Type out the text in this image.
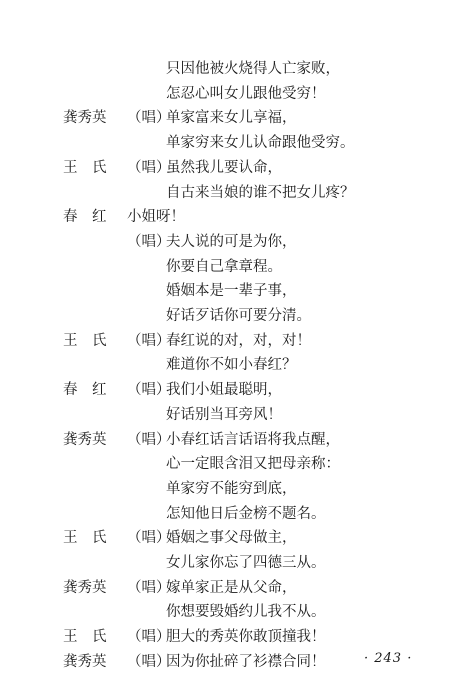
只因他被火烧得人亡家败，
怎忍心叫女儿跟他受穷！
龚秀英 （唱）
单家富来女儿享福，
单家穷来女儿认命跟他受穷。
王　氏 （唱）
虽然我儿要认命，
自古来当娘的谁不把女儿疼？
春　红 小姐呀！
（唱）
夫人说的可是为你，
你要自己拿章程。
婚姻本是一辈子事，
好话歹话你可要分清。
王　氏 （唱）
春红说的对，对，对！
难道你不如小春红？
春　红 （唱）
我们小姐最聪明，
好话别当耳旁风！
龚秀英 （唱）
小春红话言话语将我点醒，
心一定眼含泪又把母亲称：
单家穷不能穷到底，
怎知他日后金榜不题名。
王　氏 （唱）
婚姻之事父母做主，
女儿家你忘了四德三从。
龚秀英 （唱）
嫁单家正是从父命，
你想要毁婚约儿我不从。
王　氏 （唱）
胆大的秀英你敢顶撞我！
龚秀英 （唱）
因为你扯碎了衫襟合同！	· 243 ·
